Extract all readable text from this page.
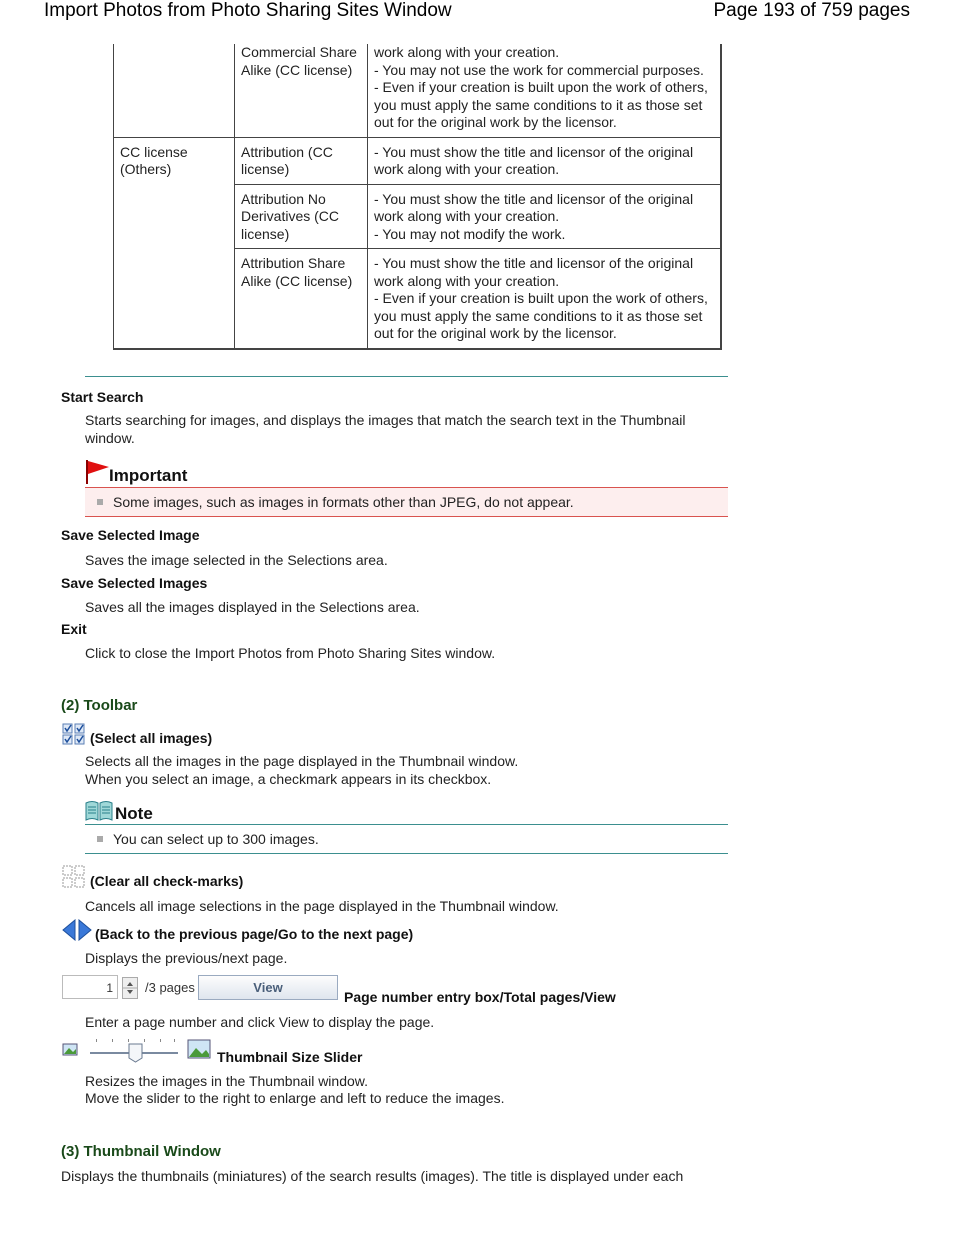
Import Photos from Photo Sharing Sites Window	Page 193 of 759 pages
	Commercial Share Alike (CC license)	work along with your creation.
- You may not use the work for commercial purposes.
- Even if your creation is built upon the work of others, you must apply the same conditions to it as those set out for the original work by the licensor.

CC license (Others)	Attribution (CC license)	- You must show the title and licensor of the original work along with your creation.

	Attribution No Derivatives (CC license)	- You must show the title and licensor of the original work along with your creation.
- You may not modify the work.

	Attribution Share Alike (CC license)	- You must show the title and licensor of the original work along with your creation.
- Even if your creation is built upon the work of others, you must apply the same conditions to it as those set out for the original work by the licensor.
Start Search
Starts searching for images, and displays the images that match the search text in the Thumbnail window.
Important
Some images, such as images in formats other than JPEG, do not appear.
Save Selected Image
Saves the image selected in the Selections area.
Save Selected Images
Saves all the images displayed in the Selections area.
Exit
Click to close the Import Photos from Photo Sharing Sites window.
(2) Toolbar
(Select all images)
Selects all the images in the page displayed in the Thumbnail window.
When you select an image, a checkmark appears in its checkbox.
Note
You can select up to 300 images.
(Clear all check-marks)
Cancels all image selections in the page displayed in the Thumbnail window.
(Back to the previous page/Go to the next page)
Displays the previous/next page.
1	/3 pages	View
Page number entry box/Total pages/View
Enter a page number and click View to display the page.
Thumbnail Size Slider
Resizes the images in the Thumbnail window.
Move the slider to the right to enlarge and left to reduce the images.
(3) Thumbnail Window
Displays the thumbnails (miniatures) of the search results (images). The title is displayed under each
